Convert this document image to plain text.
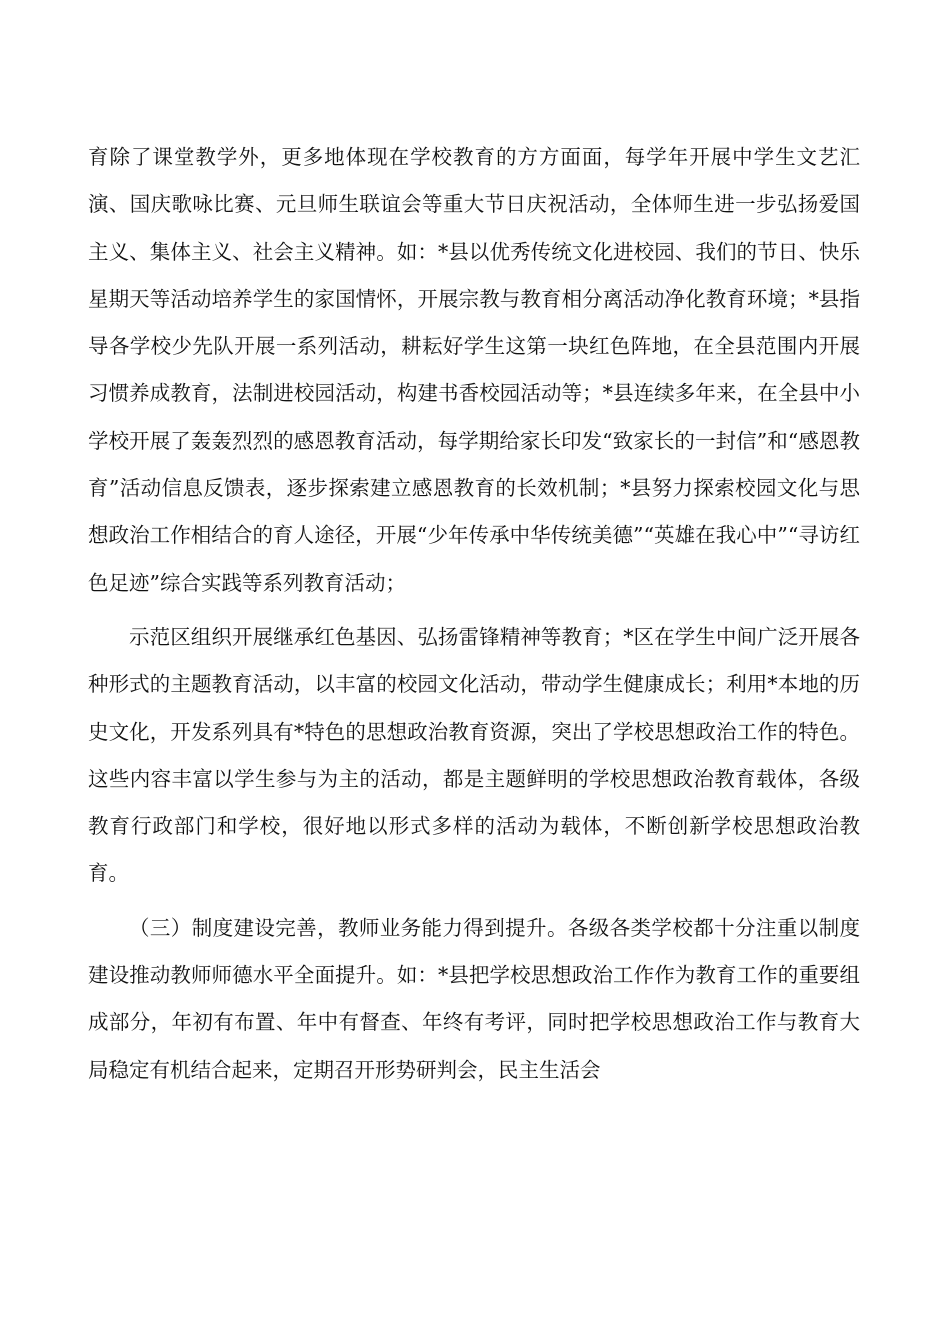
育除了课堂教学外，更多地体现在学校教育的方方面面，每学年开展中学生文艺汇演、国庆歌咏比赛、元旦师生联谊会等重大节日庆祝活动，全体师生进一步弘扬爱国主义、集体主义、社会主义精神。如：*县以优秀传统文化进校园、我们的节日、快乐星期天等活动培养学生的家国情怀，开展宗教与教育相分离活动净化教育环境；*县指导各学校少先队开展一系列活动，耕耘好学生这第一块红色阵地，在全县范围内开展习惯养成教育，法制进校园活动，构建书香校园活动等；*县连续多年来，在全县中小学校开展了轰轰烈烈的感恩教育活动，每学期给家长印发“致家长的一封信”和“感恩教育”活动信息反馈表，逐步探索建立感恩教育的长效机制；*县努力探索校园文化与思想政治工作相结合的育人途径，开展“少年传承中华传统美德”“英雄在我心中”“寻访红色足迹”综合实践等系列教育活动；

示范区组织开展继承红色基因、弘扬雷锋精神等教育；*区在学生中间广泛开展各种形式的主题教育活动，以丰富的校园文化活动，带动学生健康成长；利用*本地的历史文化，开发系列具有*特色的思想政治教育资源，突出了学校思想政治工作的特色。这些内容丰富以学生参与为主的活动，都是主题鲜明的学校思想政治教育载体，各级教育行政部门和学校，很好地以形式多样的活动为载体，不断创新学校思想政治教育。

（三）制度建设完善，教师业务能力得到提升。各级各类学校都十分注重以制度建设推动教师师德水平全面提升。如：*县把学校思想政治工作作为教育工作的重要组成部分，年初有布置、年中有督查、年终有考评，同时把学校思想政治工作与教育大局稳定有机结合起来，定期召开形势研判会，民主生活会
